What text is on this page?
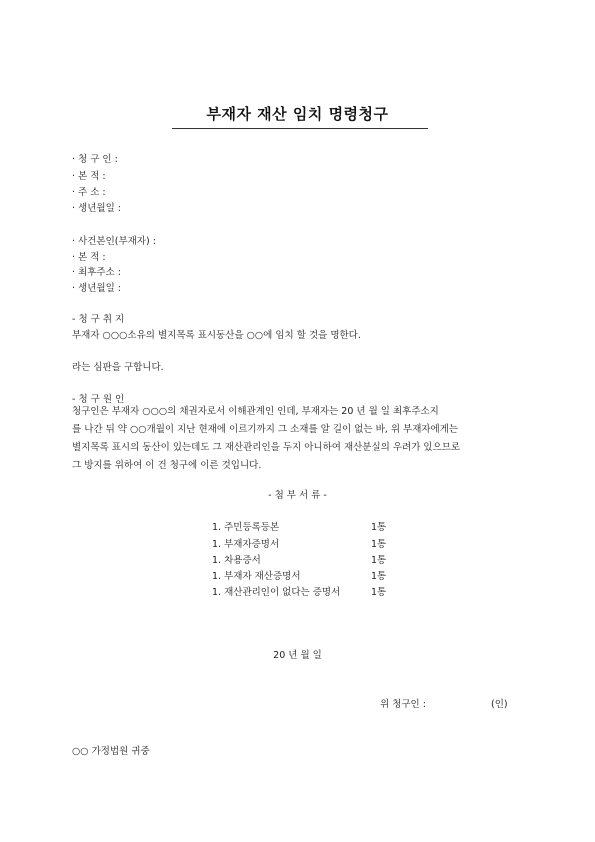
부재자 재산 임치 명령청구
· 청 구 인 :
· 본 적 :
· 주 소 :
· 생년월일 :
· 사건본인(부재자) :
· 본 적 :
· 최후주소 :
· 생년월일 :
- 청 구 취 지
부재자 ○○○소유의 별지목록 표시동산을 ○○에 임치 할 것을 명한다.
라는 심판을 구합니다.
- 청 구 원 인
청구인은 부재자 ○○○의 채권자로서 이해관계인 인데, 부재자는 20 년 월 일 최후주소지
를 나간 뒤 약 ○○개월이 지난 현재에 이르기까지 그 소재를 알 길이 없는 바, 위 부재자에게는
별지목록 표시의 동산이 있는데도 그 재산관리인을 두지 아니하여 재산분실의 우려가 있으므로
그 방지를 위하여 이 건 청구에 이른 것입니다.
- 첨 부 서 류 -
1. 주민등록등본	1통
1. 부재자증명서	1통
1. 차용증서	1통
1. 부재자 재산증명서	1통
1. 재산관리인이 없다는 증명서	1통
20 년 월 일
위 청구인 :	(인)
○○ 가정법원 귀중
